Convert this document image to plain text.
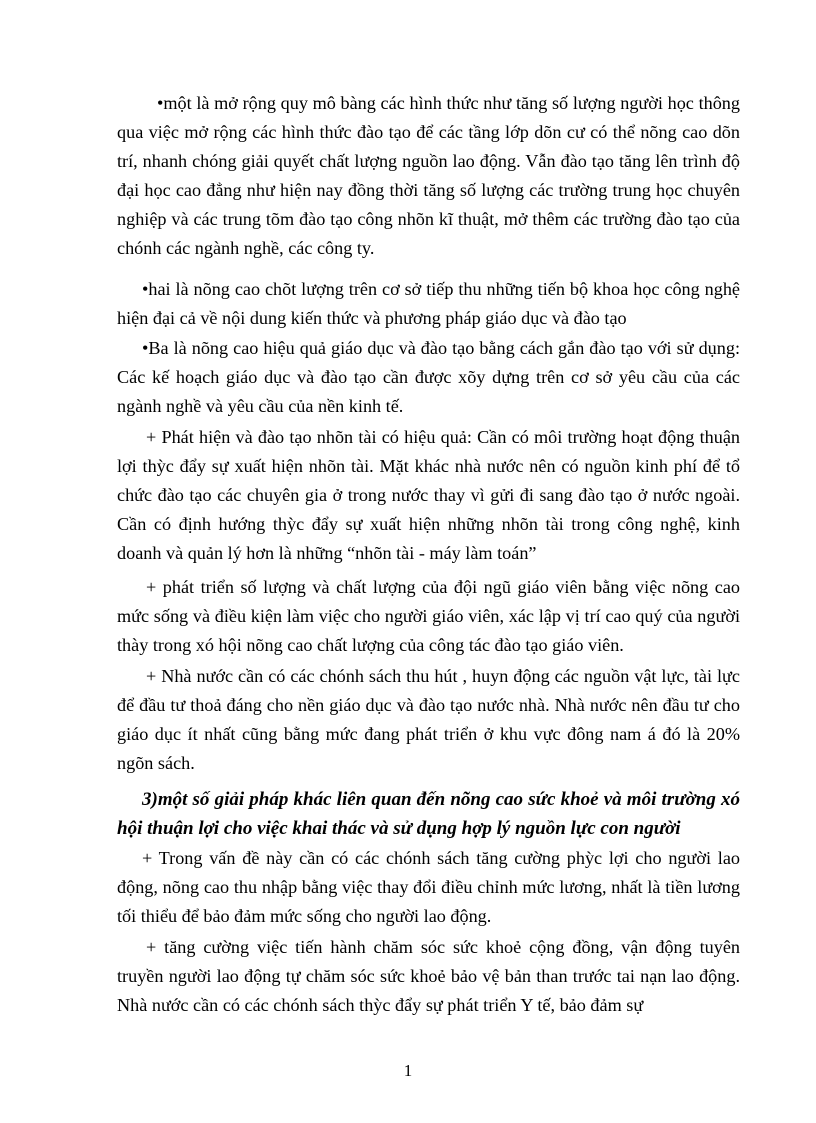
•một là mở rộng quy mô bàng các hình thức như tăng số lượng người học thông qua việc mở rộng các hình thức đào tạo để các tầng lớp dõn cư có thể nõng cao dõn trí, nhanh chóng giải quyết chất lượng nguồn lao động. Vẫn đào tạo tăng lên trình độ đại học cao đẳng như hiện nay đồng thời tăng số lượng các trường trung học chuyên nghiệp và các trung tõm đào tạo công nhõn kĩ thuật, mở thêm các trường đào tạo của chónh các ngành nghề, các công ty.

•hai là nõng cao chõt lượng trên cơ sở tiếp thu những tiến bộ khoa học công nghệ hiện đại cả về nội dung kiến thức và phương pháp giáo dục và đào tạo

•Ba là nõng cao hiệu quả giáo dục và đào tạo bằng cách gắn đào tạo với sử dụng: Các kế hoạch giáo dục và đào tạo cần được xõy dựng trên cơ sở yêu cầu của các ngành nghề và yêu cầu của nền kinh tế.

+ Phát hiện và đào tạo nhõn tài có hiệu quả: Cần có môi trường hoạt động thuận lợi thỳc đẩy sự xuất hiện nhõn tài. Mặt khác nhà nước nên có nguồn kinh phí để tổ chức đào tạo các chuyên gia ở trong nước thay vì gửi đi sang đào tạo ở nước ngoài. Cần có định hướng thỳc đẩy sự xuất hiện những nhõn tài trong công nghệ, kinh doanh và quản lý hơn là những “nhõn tài - máy làm toán”

+ phát triển số lượng và chất lượng của đội ngũ giáo viên bằng việc nõng cao mức sống và điều kiện làm việc cho người giáo viên, xác lập vị trí cao quý của người thày trong xó hội nõng cao chất lượng của công tác đào tạo giáo viên.

+ Nhà nước cần có các chónh sách thu hút , huyn động các nguồn vật lực, tài lực để đầu tư thoả đáng cho nền giáo dục và đào tạo nước nhà. Nhà nước nên đầu tư cho giáo dục ít nhất cũng bằng mức đang phát triển ở khu vực đông nam á đó là 20% ngõn sách.

3)một số giải pháp khác liên quan đến nõng cao sức khoẻ và môi trường xó hội thuận lợi cho việc khai thác và sử dụng hợp lý nguồn lực con người

+ Trong vấn đề này cần có các chónh sách tăng cường phỳc lợi cho người lao động, nõng cao thu nhập bằng việc thay đổi điều chỉnh mức lương, nhất là tiền lương tối thiểu để bảo đảm mức sống cho người lao động.

+ tăng cường việc tiến hành chăm sóc sức khoẻ cộng đồng, vận động tuyên truyền người lao động tự chăm sóc sức khoẻ bảo vệ bản than trước tai nạn lao động. Nhà nước cần có các chónh sách thỳc đẩy sự phát triển Y tế, bảo đảm sự

1
